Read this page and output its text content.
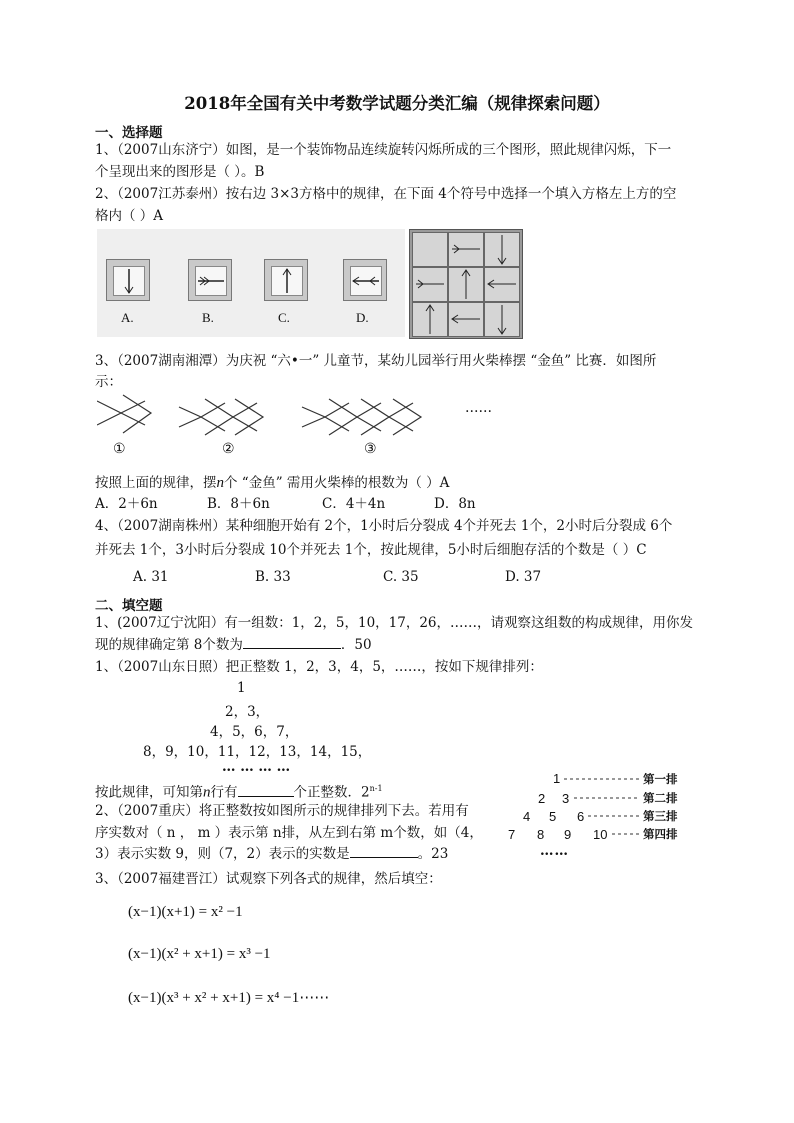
2018年全国有关中考数学试题分类汇编（规律探索问题）
一、选择题
1、（2007山东济宁）如图，是一个装饰物品连续旋转闪烁所成的三个图形，照此规律闪烁，下一
个呈现出来的图形是（ ）。B
2、（2007江苏泰州）按右边 3×3方格中的规律，在下面 4个符号中选择一个填入方格左上方的空
格内（ ）A
A.	B.	C.	D.
3、（2007湖南湘潭）为庆祝 “六•一” 儿童节，某幼儿园举行用火柴棒摆 “金鱼” 比赛．如图所
示：
……
①	②	③
按照上面的规律，摆n个 “金鱼” 需用火柴棒的根数为（ ）A
A．2＋6n	B．8＋6n	C．4＋4n	D．8n
4、（2007湖南株州）某种细胞开始有 2个，1小时后分裂成 4个并死去 1个，2小时后分裂成 6个
并死去 1个，3小时后分裂成 10个并死去 1个，按此规律，5小时后细胞存活的个数是（ ）C
A. 31	B. 33	C. 35	D. 37
二、填空题
1、(2007辽宁沈阳）有一组数：1，2，5，10，17，26，……，请观察这组数的构成规律，用你发
现的规律确定第 8个数为	．50
1、（2007山东日照）把正整数 1，2，3，4，5，……，按如下规律排列：
1
2，3，
4，5，6，7，
8，9，10，11，12，13，14，15，
… … … …
按此规律，可知第n行有	个正整数．2$^{n-1}$
2、（2007重庆）将正整数按如图所示的规律排列下去。若用有
序实数对（ n ， m ）表示第 n排，从左到右第 m个数，如（4，
3）表示实数 9，则（7，2）表示的实数是	。23
1
2 3
4 5 6
7 8 9 10
第一排
第二排
第三排
第四排
……
3、（2007福建晋江）试观察下列各式的规律，然后填空：
(x−1)(x+1) = x² −1
(x−1)(x² + x+1) = x³ −1
(x−1)(x³ + x² + x+1) = x⁴ −1⋯⋯
